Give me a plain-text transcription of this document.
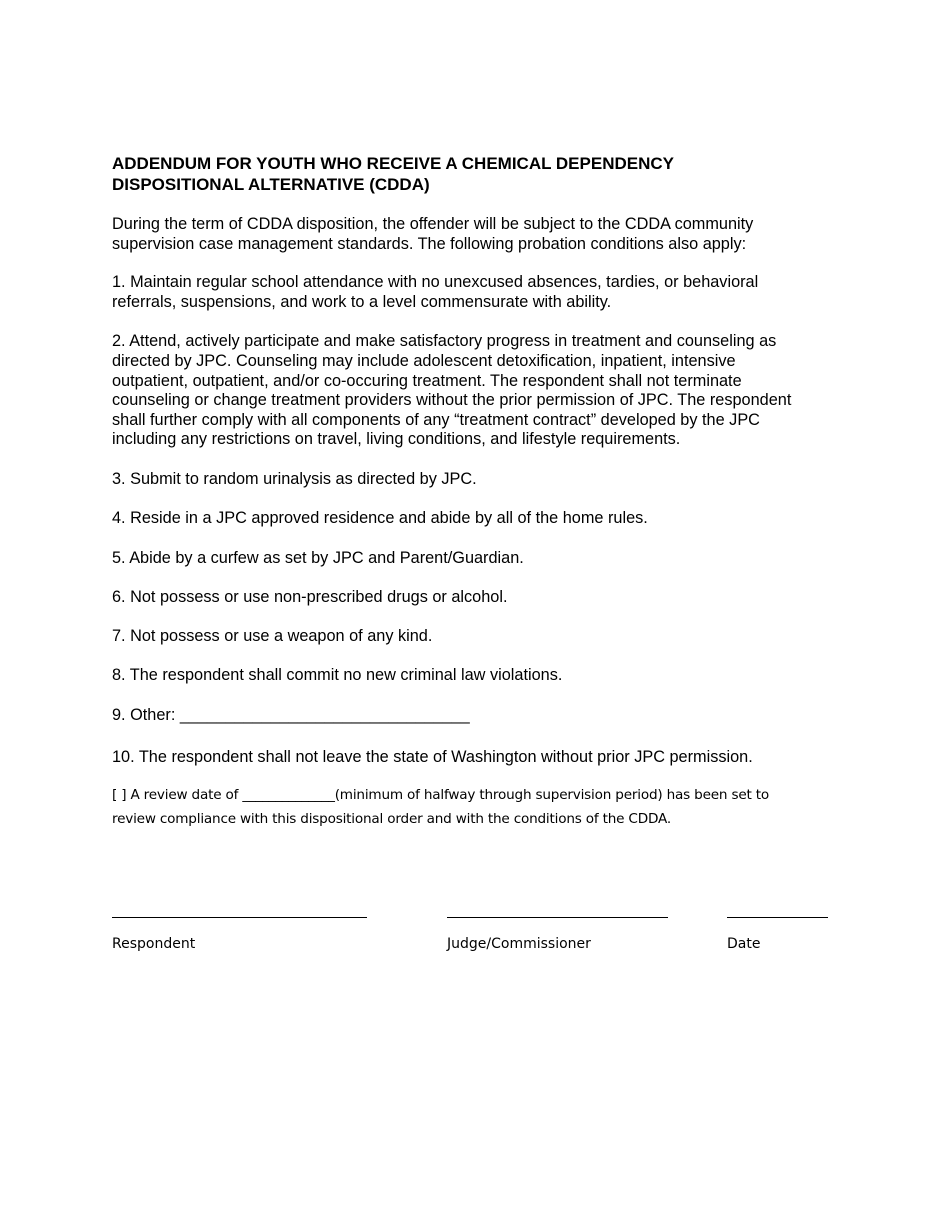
ADDENDUM FOR YOUTH WHO RECEIVE A CHEMICAL DEPENDENCY
DISPOSITIONAL ALTERNATIVE (CDDA)

During the term of CDDA disposition, the offender will be subject to the CDDA community
supervision case management standards. The following probation conditions also apply:

1. Maintain regular school attendance with no unexcused absences, tardies, or behavioral
referrals, suspensions, and work to a level commensurate with ability.

2. Attend, actively participate and make satisfactory progress in treatment and counseling as
directed by JPC. Counseling may include adolescent detoxification, inpatient, intensive
outpatient, outpatient, and/or co-occuring treatment. The respondent shall not terminate
counseling or change treatment providers without the prior permission of JPC. The respondent
shall further comply with all components of any “treatment contract” developed by the JPC
including any restrictions on travel, living conditions, and lifestyle requirements.

3. Submit to random urinalysis as directed by JPC.

4. Reside in a JPC approved residence and abide by all of the home rules.

5. Abide by a curfew as set by JPC and Parent/Guardian.

6. Not possess or use non-prescribed drugs or alcohol.

7. Not possess or use a weapon of any kind.

8. The respondent shall commit no new criminal law violations.

9. Other: ________________________________

10. The respondent shall not leave the state of Washington without prior JPC permission.

[ ] A review date of ______________(minimum of halfway through supervision period) has been set to
review compliance with this dispositional order and with the conditions of the CDDA.

Respondent	Judge/Commissioner	Date
